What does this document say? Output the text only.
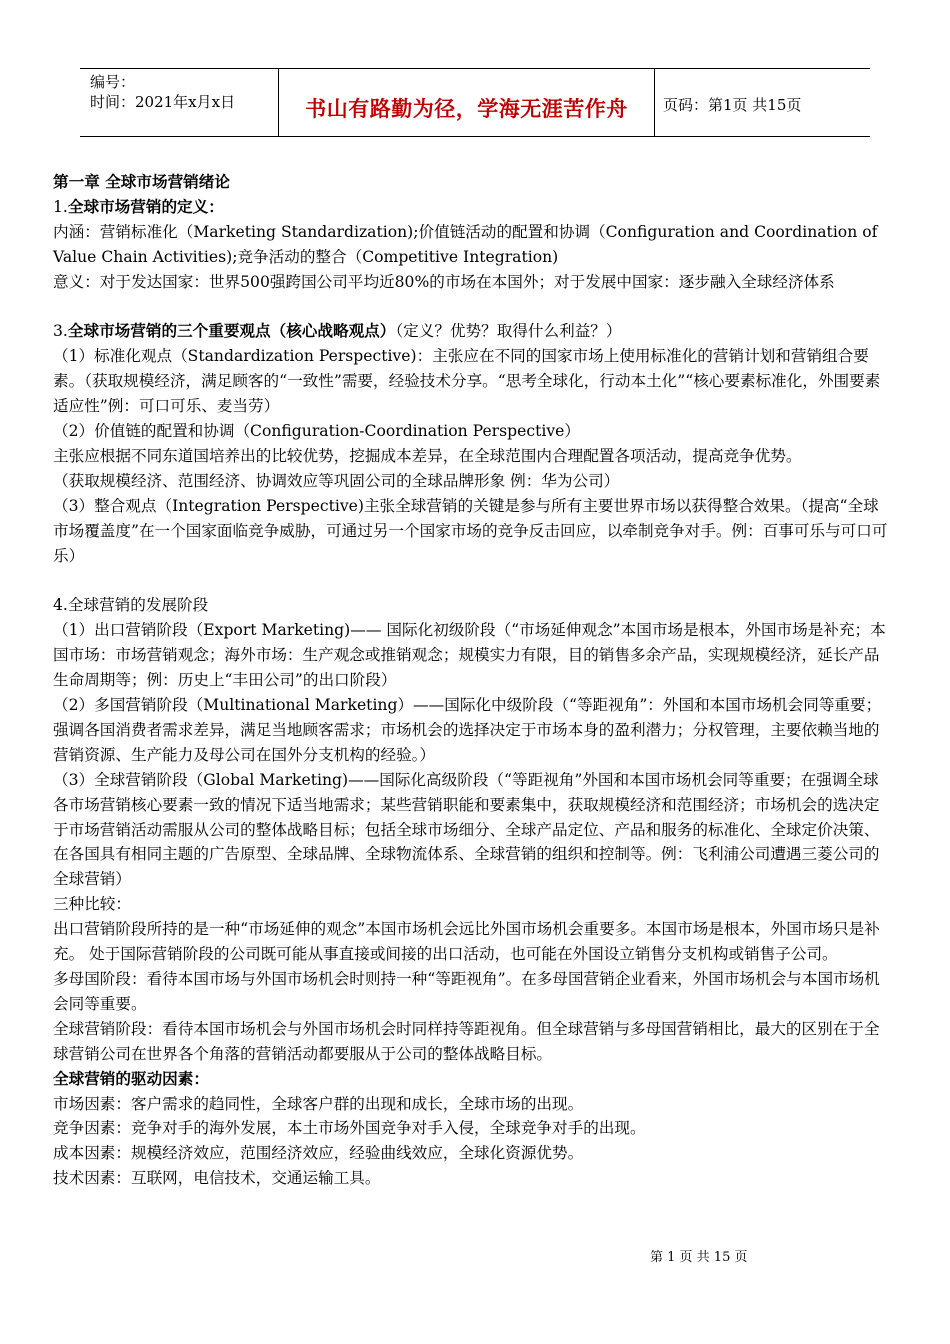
编号：
时间：2021年x月x日	书山有路勤为径，学海无涯苦作舟	页码：第1页 共15页

第一章 全球市场营销绪论

1.全球市场营销的定义：

内涵：营销标准化（Marketing Standardization);价值链活动的配置和协调（Configuration and Coordination of Value Chain Activities);竞争活动的整合（Competitive Integration)

意义：对于发达国家：世界500强跨国公司平均近80%的市场在本国外；对于发展中国家：逐步融入全球经济体系

3.全球市场营销的三个重要观点（核心战略观点）（定义？优势？取得什么利益？）

（1）标准化观点（Standardization Perspective)：主张应在不同的国家市场上使用标准化的营销计划和营销组合要素。（获取规模经济，满足顾客的“一致性”需要，经验技术分享。“思考全球化，行动本土化”“核心要素标准化，外围要素适应性”例：可口可乐、麦当劳）

（2）价值链的配置和协调（Configuration-Coordination Perspective）

主张应根据不同东道国培养出的比较优势，挖掘成本差异，在全球范围内合理配置各项活动，提高竞争优势。

（获取规模经济、范围经济、协调效应等巩固公司的全球品牌形象 例：华为公司）

（3）整合观点（Integration Perspective)主张全球营销的关键是参与所有主要世界市场以获得整合效果。（提高“全球市场覆盖度”在一个国家面临竞争威胁，可通过另一个国家市场的竞争反击回应，以牵制竞争对手。例：百事可乐与可口可乐）

4.全球营销的发展阶段

（1）出口营销阶段（Export Marketing)—— 国际化初级阶段（“市场延伸观念”本国市场是根本，外国市场是补充；本国市场：市场营销观念；海外市场：生产观念或推销观念；规模实力有限，目的销售多余产品，实现规模经济，延长产品生命周期等；例：历史上“丰田公司”的出口阶段）

（2）多国营销阶段（Multinational Marketing）——国际化中级阶段（“等距视角”：外国和本国市场机会同等重要；强调各国消费者需求差异，满足当地顾客需求；市场机会的选择决定于市场本身的盈利潜力；分权管理，主要依赖当地的营销资源、生产能力及母公司在国外分支机构的经验。）

（3）全球营销阶段（Global Marketing)——国际化高级阶段（“等距视角”外国和本国市场机会同等重要；在强调全球各市场营销核心要素一致的情况下适当地需求；某些营销职能和要素集中，获取规模经济和范围经济；市场机会的选决定于市场营销活动需服从公司的整体战略目标；包括全球市场细分、全球产品定位、产品和服务的标准化、全球定价决策、在各国具有相同主题的广告原型、全球品牌、全球物流体系、全球营销的组织和控制等。例：飞利浦公司遭遇三菱公司的全球营销）

三种比较：

出口营销阶段所持的是一种“市场延伸的观念”本国市场机会远比外国市场机会重要多。本国市场是根本，外国市场只是补充。 处于国际营销阶段的公司既可能从事直接或间接的出口活动，也可能在外国设立销售分支机构或销售子公司。

多母国阶段：看待本国市场与外国市场机会时则持一种“等距视角”。在多母国营销企业看来，外国市场机会与本国市场机会同等重要。

全球营销阶段：看待本国市场机会与外国市场机会时同样持等距视角。但全球营销与多母国营销相比，最大的区别在于全球营销公司在世界各个角落的营销活动都要服从于公司的整体战略目标。

全球营销的驱动因素：

市场因素：客户需求的趋同性，全球客户群的出现和成长，全球市场的出现。

竞争因素：竞争对手的海外发展，本土市场外国竞争对手入侵，全球竞争对手的出现。

成本因素：规模经济效应，范围经济效应，经验曲线效应，全球化资源优势。

技术因素：互联网，电信技术，交通运输工具。

第 1 页 共 15 页
